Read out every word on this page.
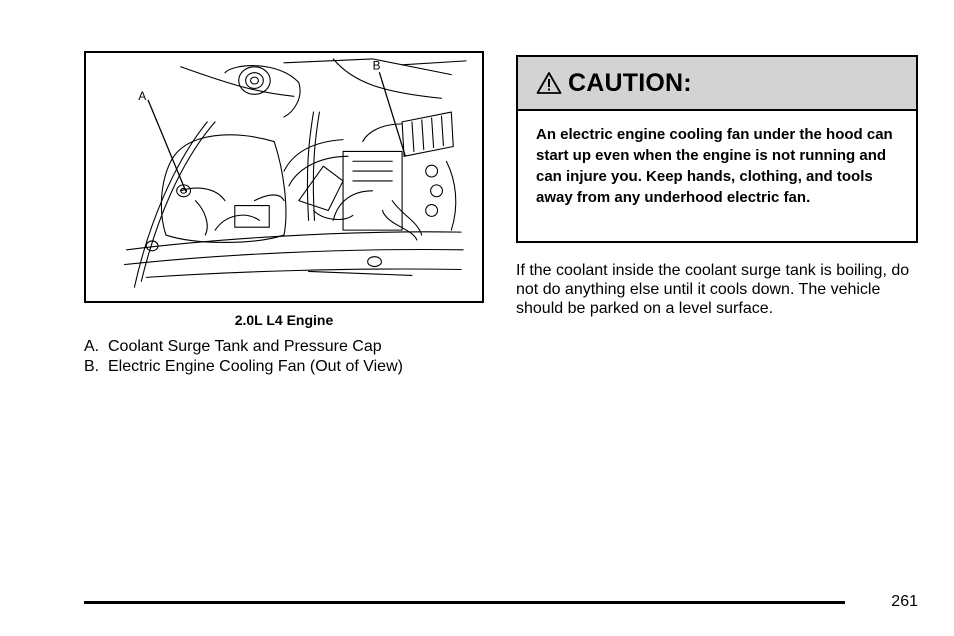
A
B
2.0L L4 Engine
A. Coolant Surge Tank and Pressure Cap
B. Electric Engine Cooling Fan (Out of View)
CAUTION:
An electric engine cooling fan under the hood can start up even when the engine is not running and can injure you. Keep hands, clothing, and tools away from any underhood electric fan.
If the coolant inside the coolant surge tank is boiling, do not do anything else until it cools down. The vehicle should be parked on a level surface.
261
